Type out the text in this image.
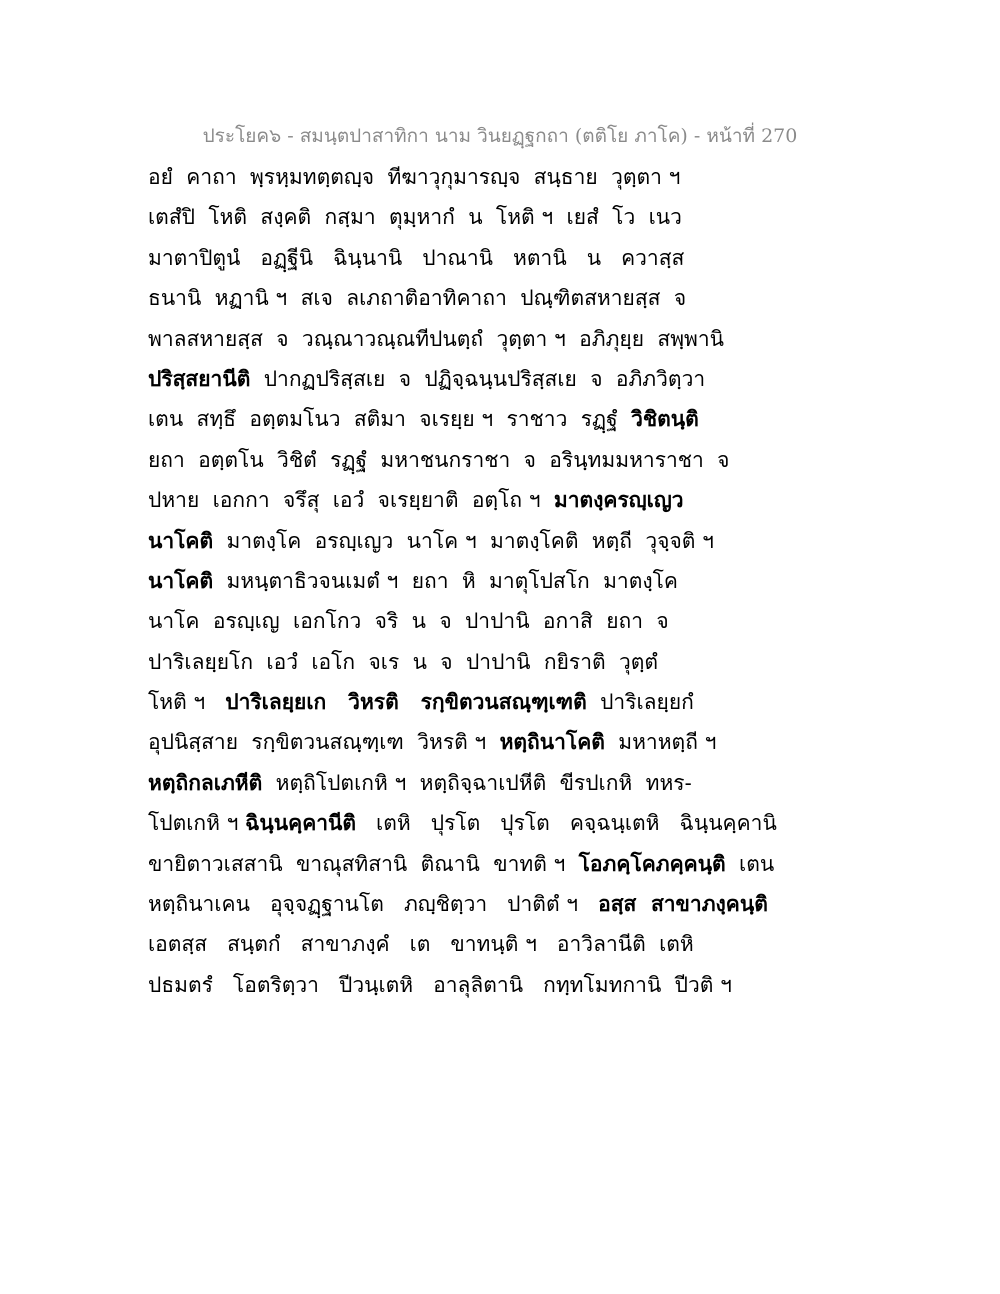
ประโยค๖ - สมนฺตปาสาทิกา นาม วินยฏฺฐกถา (ตติโย ภาโค) - หน้าที่ 270
อยํ  คาถา  พฺรหฺมทตฺตญฺจ  ทีฆาวุกุมารญฺจ  สนฺธาย  วุตฺตา ฯ
เตสํปิ  โหติ  สงฺคติ  กสฺมา  ตุมฺหากํ  น  โหติ ฯ  เยสํ  โว  เนว
มาตาปิตูนํ   อฏฺฐีนิ   ฉินฺนานิ   ปาณานิ   หตานิ   น   ควาสฺส
ธนานิ  หฏานิ ฯ  สเจ  ลเภถาติอาทิคาถา  ปณฺฑิตสหายสฺส  จ
พาลสหายสฺส  จ  วณฺณาวณฺณทีปนตฺถํ  วุตฺตา ฯ  อภิภุยฺย  สพฺพานิ
ปริสฺสยานีติ  ปากฏปริสฺสเย  จ  ปฏิจฺฉนฺนปริสฺสเย  จ  อภิภวิตฺวา
เตน  สทฺธึ  อตฺตมโนว  สติมา  จเรยฺย ฯ  ราชาว  รฏฺฐํ  วิชิตนฺติ
ยถา  อตฺตโน  วิชิตํ  รฏฺฐํ  มหาชนกราชา  จ  อรินฺทมมหาราชา  จ
ปหาย  เอกกา  จรึสุ  เอวํ  จเรยฺยาติ  อตฺโถ ฯ  มาตงฺครญฺเญว
นาโคติ  มาตงฺโค  อรญฺเญว  นาโค ฯ  มาตงฺโคติ  หตฺถี  วุจฺจติ ฯ
นาโคติ  มหนฺตาธิวจนเมตํ ฯ  ยถา  หิ  มาตุโปสโก  มาตงฺโค
นาโค  อรญฺเญ  เอกโกว  จริ  น  จ  ปาปานิ  อกาสิ  ยถา  จ
ปาริเลยฺยโก  เอวํ  เอโก  จเร  น  จ  ปาปานิ  กยิราติ  วุตฺตํ
โหติ ฯ   ปาริเลยฺยเก   วิหรติ   รกฺขิตวนสณฺฑฺเฑติ  ปาริเลยฺยกํ
อุปนิสฺสาย  รกฺขิตวนสณฺฑฺเฑ  วิหรติ ฯ  หตฺถินาโคติ  มหาหตฺถี ฯ
หตฺถิกลเภหีติ  หตฺถิโปตเกหิ ฯ  หตฺถิจฺฉาเปหีติ  ขีรปเกหิ  ทหร-
โปตเกหิ ฯ ฉินฺนคฺคานีติ   เตหิ   ปุรโต   ปุรโต   คจฺฉนฺเตหิ   ฉินฺนคฺคานิ
ขายิตาวเสสานิ  ขาณุสทิสานิ  ติณานิ  ขาทติ ฯ  โอภคฺโคภคฺคนฺติ  เตน
หตฺถินาเคน   อุจฺจฏฺฐานโต   ภญฺชิตฺวา   ปาติตํ ฯ   อสฺส  สาขาภงฺคนฺติ
เอตสฺส   สนฺตกํ   สาขาภงฺคํ   เต   ขาทนฺติ ฯ   อาวิลานีติ  เตหิ
ปธมตรํ   โอตริตฺวา   ปีวนฺเตหิ   อาลุลิตานิ   กทฺทโมทกานิ  ปีวติ ฯ
